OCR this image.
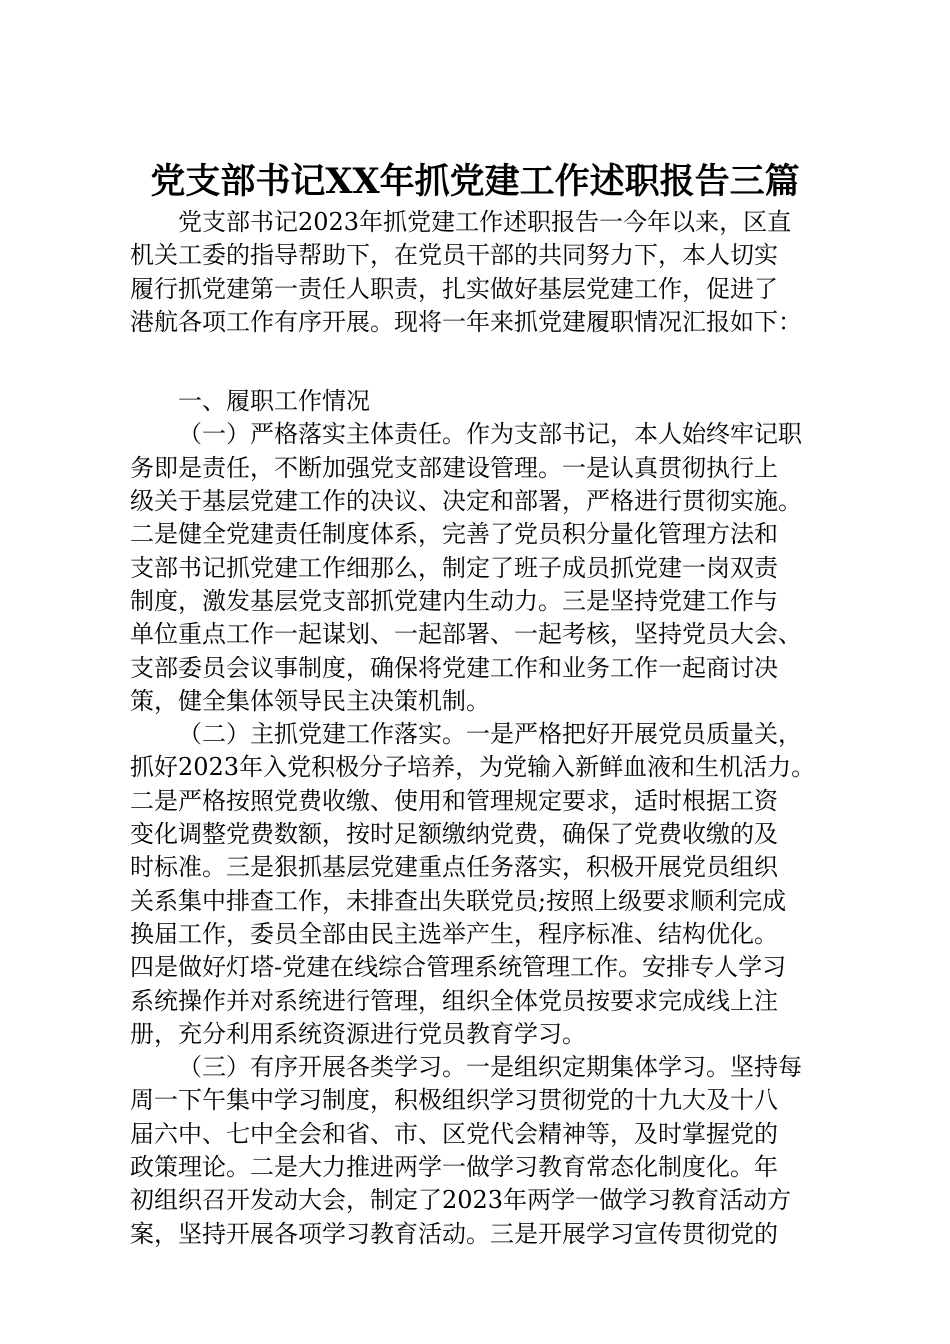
党支部书记XX年抓党建工作述职报告三篇
党支部书记2023年抓党建工作述职报告一今年以来，区直
机关工委的指导帮助下，在党员干部的共同努力下，本人切实
履行抓党建第一责任人职责，扎实做好基层党建工作，促进了
港航各项工作有序开展。现将一年来抓党建履职情况汇报如下：
一、履职工作情况
（一）严格落实主体责任。作为支部书记，本人始终牢记职
务即是责任，不断加强党支部建设管理。一是认真贯彻执行上
级关于基层党建工作的决议、决定和部署，严格进行贯彻实施。
二是健全党建责任制度体系，完善了党员积分量化管理方法和
支部书记抓党建工作细那么，制定了班子成员抓党建一岗双责
制度，激发基层党支部抓党建内生动力。三是坚持党建工作与
单位重点工作一起谋划、一起部署、一起考核，坚持党员大会、
支部委员会议事制度，确保将党建工作和业务工作一起商讨决
策，健全集体领导民主决策机制。
（二）主抓党建工作落实。一是严格把好开展党员质量关，
抓好2023年入党积极分子培养，为党输入新鲜血液和生机活力。
二是严格按照党费收缴、使用和管理规定要求，适时根据工资
变化调整党费数额，按时足额缴纳党费，确保了党费收缴的及
时标准。三是狠抓基层党建重点任务落实，积极开展党员组织
关系集中排查工作，未排查出失联党员;按照上级要求顺利完成
换届工作，委员全部由民主选举产生，程序标准、结构优化。
四是做好灯塔-党建在线综合管理系统管理工作。安排专人学习
系统操作并对系统进行管理，组织全体党员按要求完成线上注
册，充分利用系统资源进行党员教育学习。
（三）有序开展各类学习。一是组织定期集体学习。坚持每
周一下午集中学习制度，积极组织学习贯彻党的十九大及十八
届六中、七中全会和省、市、区党代会精神等，及时掌握党的
政策理论。二是大力推进两学一做学习教育常态化制度化。年
初组织召开发动大会，制定了2023年两学一做学习教育活动方
案，坚持开展各项学习教育活动。三是开展学习宣传贯彻党的
